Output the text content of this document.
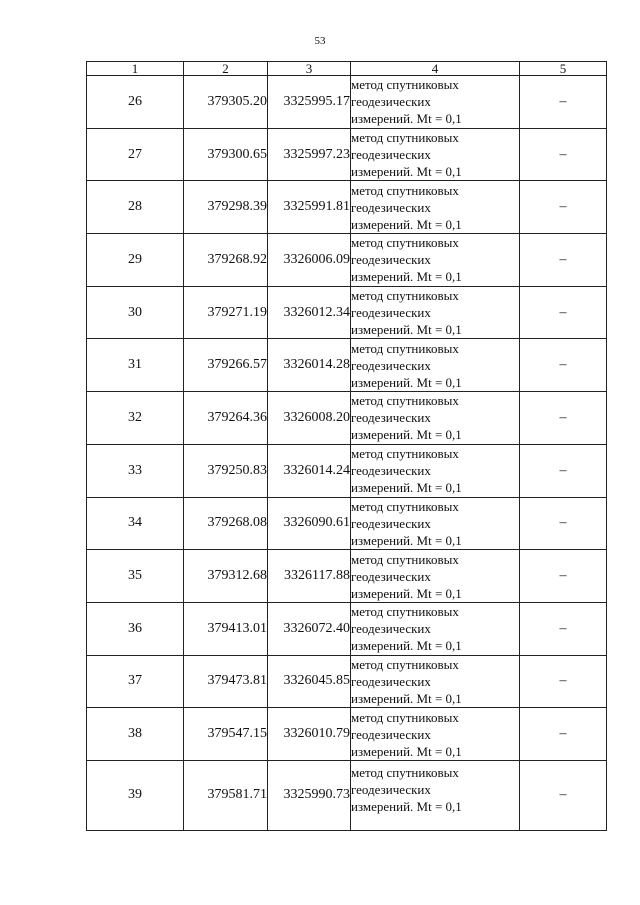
53
1	2	3	4	5
26	379305.20	3325995.17	метод спутниковых
геодезических
измерений. Mt = 0,1	–
27	379300.65	3325997.23	метод спутниковых
геодезических
измерений. Mt = 0,1	–
28	379298.39	3325991.81	метод спутниковых
геодезических
измерений. Mt = 0,1	–
29	379268.92	3326006.09	метод спутниковых
геодезических
измерений. Mt = 0,1	–
30	379271.19	3326012.34	метод спутниковых
геодезических
измерений. Mt = 0,1	–
31	379266.57	3326014.28	метод спутниковых
геодезических
измерений. Mt = 0,1	–
32	379264.36	3326008.20	метод спутниковых
геодезических
измерений. Mt = 0,1	–
33	379250.83	3326014.24	метод спутниковых
геодезических
измерений. Mt = 0,1	–
34	379268.08	3326090.61	метод спутниковых
геодезических
измерений. Mt = 0,1	–
35	379312.68	3326117.88	метод спутниковых
геодезических
измерений. Mt = 0,1	–
36	379413.01	3326072.40	метод спутниковых
геодезических
измерений. Mt = 0,1	–
37	379473.81	3326045.85	метод спутниковых
геодезических
измерений. Mt = 0,1	–
38	379547.15	3326010.79	метод спутниковых
геодезических
измерений. Mt = 0,1	–
39	379581.71	3325990.73	метод спутниковых
геодезических
измерений. Mt = 0,1	–
